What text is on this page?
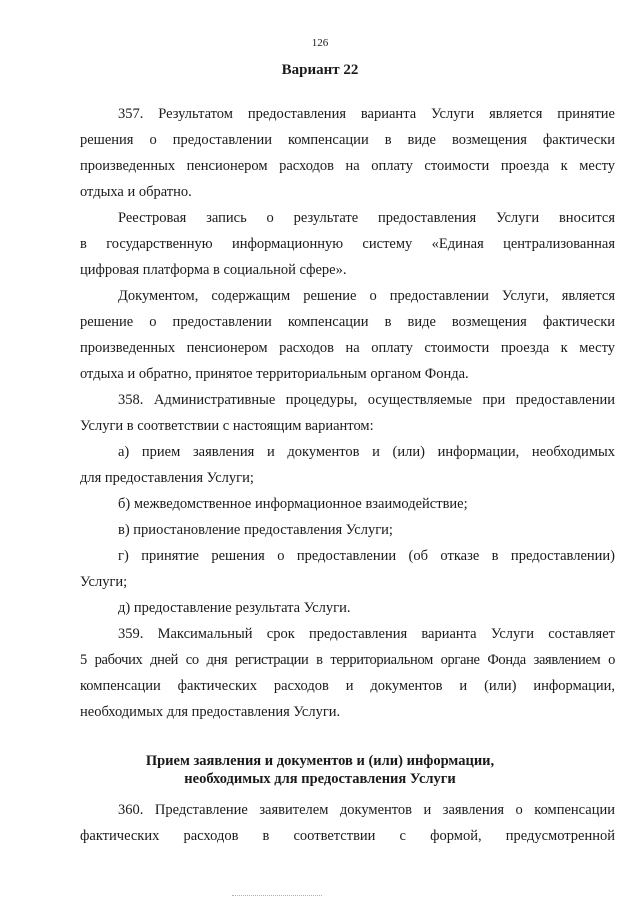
126
Вариант 22
357. Результатом предоставления варианта Услуги является принятие
решения о предоставлении компенсации в виде возмещения фактически
произведенных пенсионером расходов на оплату стоимости проезда к месту
отдыха и обратно.
Реестровая запись о результате предоставления Услуги вносится
в государственную информационную систему «Единая централизованная
цифровая платформа в социальной сфере».
Документом, содержащим решение о предоставлении Услуги, является
решение о предоставлении компенсации в виде возмещения фактически
произведенных пенсионером расходов на оплату стоимости проезда к месту
отдыха и обратно, принятое территориальным органом Фонда.
358. Административные процедуры, осуществляемые при предоставлении
Услуги в соответствии с настоящим вариантом:
а) прием заявления и документов и (или) информации, необходимых
для предоставления Услуги;
б) межведомственное информационное взаимодействие;
в) приостановление предоставления Услуги;
г) принятие решения о предоставлении (об отказе в предоставлении)
Услуги;
д) предоставление результата Услуги.
359. Максимальный срок предоставления варианта Услуги составляет
5 рабочих дней со дня регистрации в территориальном органе Фонда заявлением о
компенсации фактических расходов и документов и (или) информации,
необходимых для предоставления Услуги.
Прием заявления и документов и (или) информации,
необходимых для предоставления Услуги
360. Представление заявителем документов и заявления о компенсации
фактических расходов в соответствии с формой, предусмотренной
